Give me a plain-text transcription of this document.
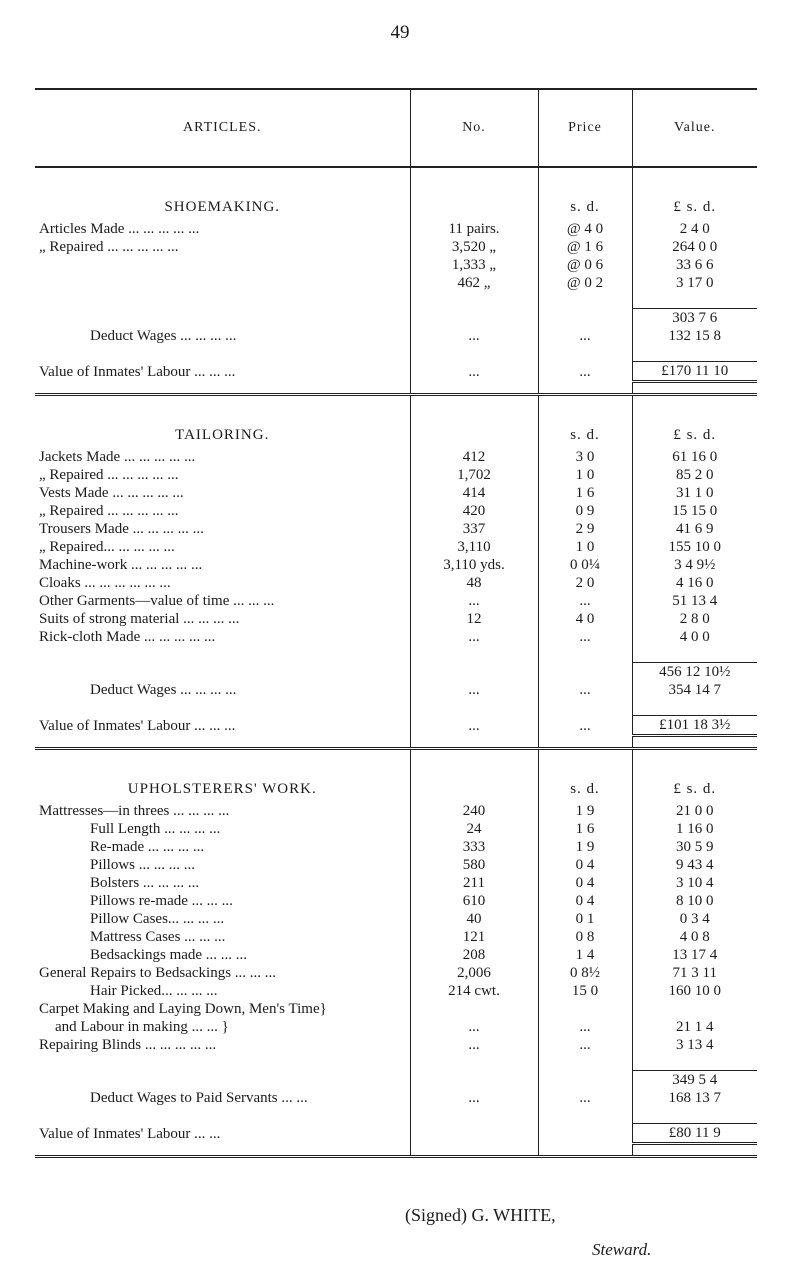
49
ARTICLES.	No.	Price	Value.
SHOEMAKING.		s. d.	£ s. d.
Articles Made ... ... ... ... ...	11 pairs.	@ 4 0	2 4 0
„ Repaired ... ... ... ... ...	3,520 „	@ 1 6	264 0 0
	1,333 „	@ 0 6	33 6 6
	462 „	@ 0 2	3 17 0

			303 7 6
Deduct Wages ... ... ... ...	...	...	132 15 8

Value of Inmates' Labour ... ... ...	...	...	£170 11 10

TAILORING.		s. d.	£ s. d.
Jackets Made ... ... ... ... ...	412	3 0	61 16 0
„ Repaired ... ... ... ... ...	1,702	1 0	85 2 0
Vests Made ... ... ... ... ...	414	1 6	31 1 0
„ Repaired ... ... ... ... ...	420	0 9	15 15 0
Trousers Made ... ... ... ... ...	337	2 9	41 6 9
„ Repaired... ... ... ... ...	3,110	1 0	155 10 0
Machine-work ... ... ... ... ...	3,110 yds.	0 0¼	3 4 9½
Cloaks ... ... ... ... ... ...	48	2 0	4 16 0
Other Garments—value of time ... ... ...	...	...	51 13 4
Suits of strong material ... ... ... ...	12	4 0	2 8 0
Rick-cloth Made ... ... ... ... ...	...	...	4 0 0

			456 12 10½
Deduct Wages ... ... ... ...	...	...	354 14 7

Value of Inmates' Labour ... ... ...	...	...	£101 18 3½

UPHOLSTERERS' WORK.		s. d.	£ s. d.
Mattresses—in threes ... ... ... ...	240	1 9	21 0 0
Full Length ... ... ... ...	24	1 6	1 16 0
Re-made ... ... ... ...	333	1 9	30 5 9
Pillows ... ... ... ...	580	0 4	9 43 4
Bolsters ... ... ... ...	211	0 4	3 10 4
Pillows re-made ... ... ...	610	0 4	8 10 0
Pillow Cases... ... ... ...	40	0 1	0 3 4
Mattress Cases ... ... ...	121	0 8	4 0 8
Bedsackings made ... ... ...	208	1 4	13 17 4
General Repairs to Bedsackings ... ... ...	2,006	0 8½	71 3 11
Hair Picked... ... ... ...	214 cwt.	15 0	160 10 0
Carpet Making and Laying Down, Men's Time}			
and Labour in making ... ... }	...	...	21 1 4
Repairing Blinds ... ... ... ... ...	...	...	3 13 4

			349 5 4
Deduct Wages to Paid Servants ... ...	...	...	168 13 7

Value of Inmates' Labour ... ...			£80 11 9

(Signed) G. WHITE,
Steward.
